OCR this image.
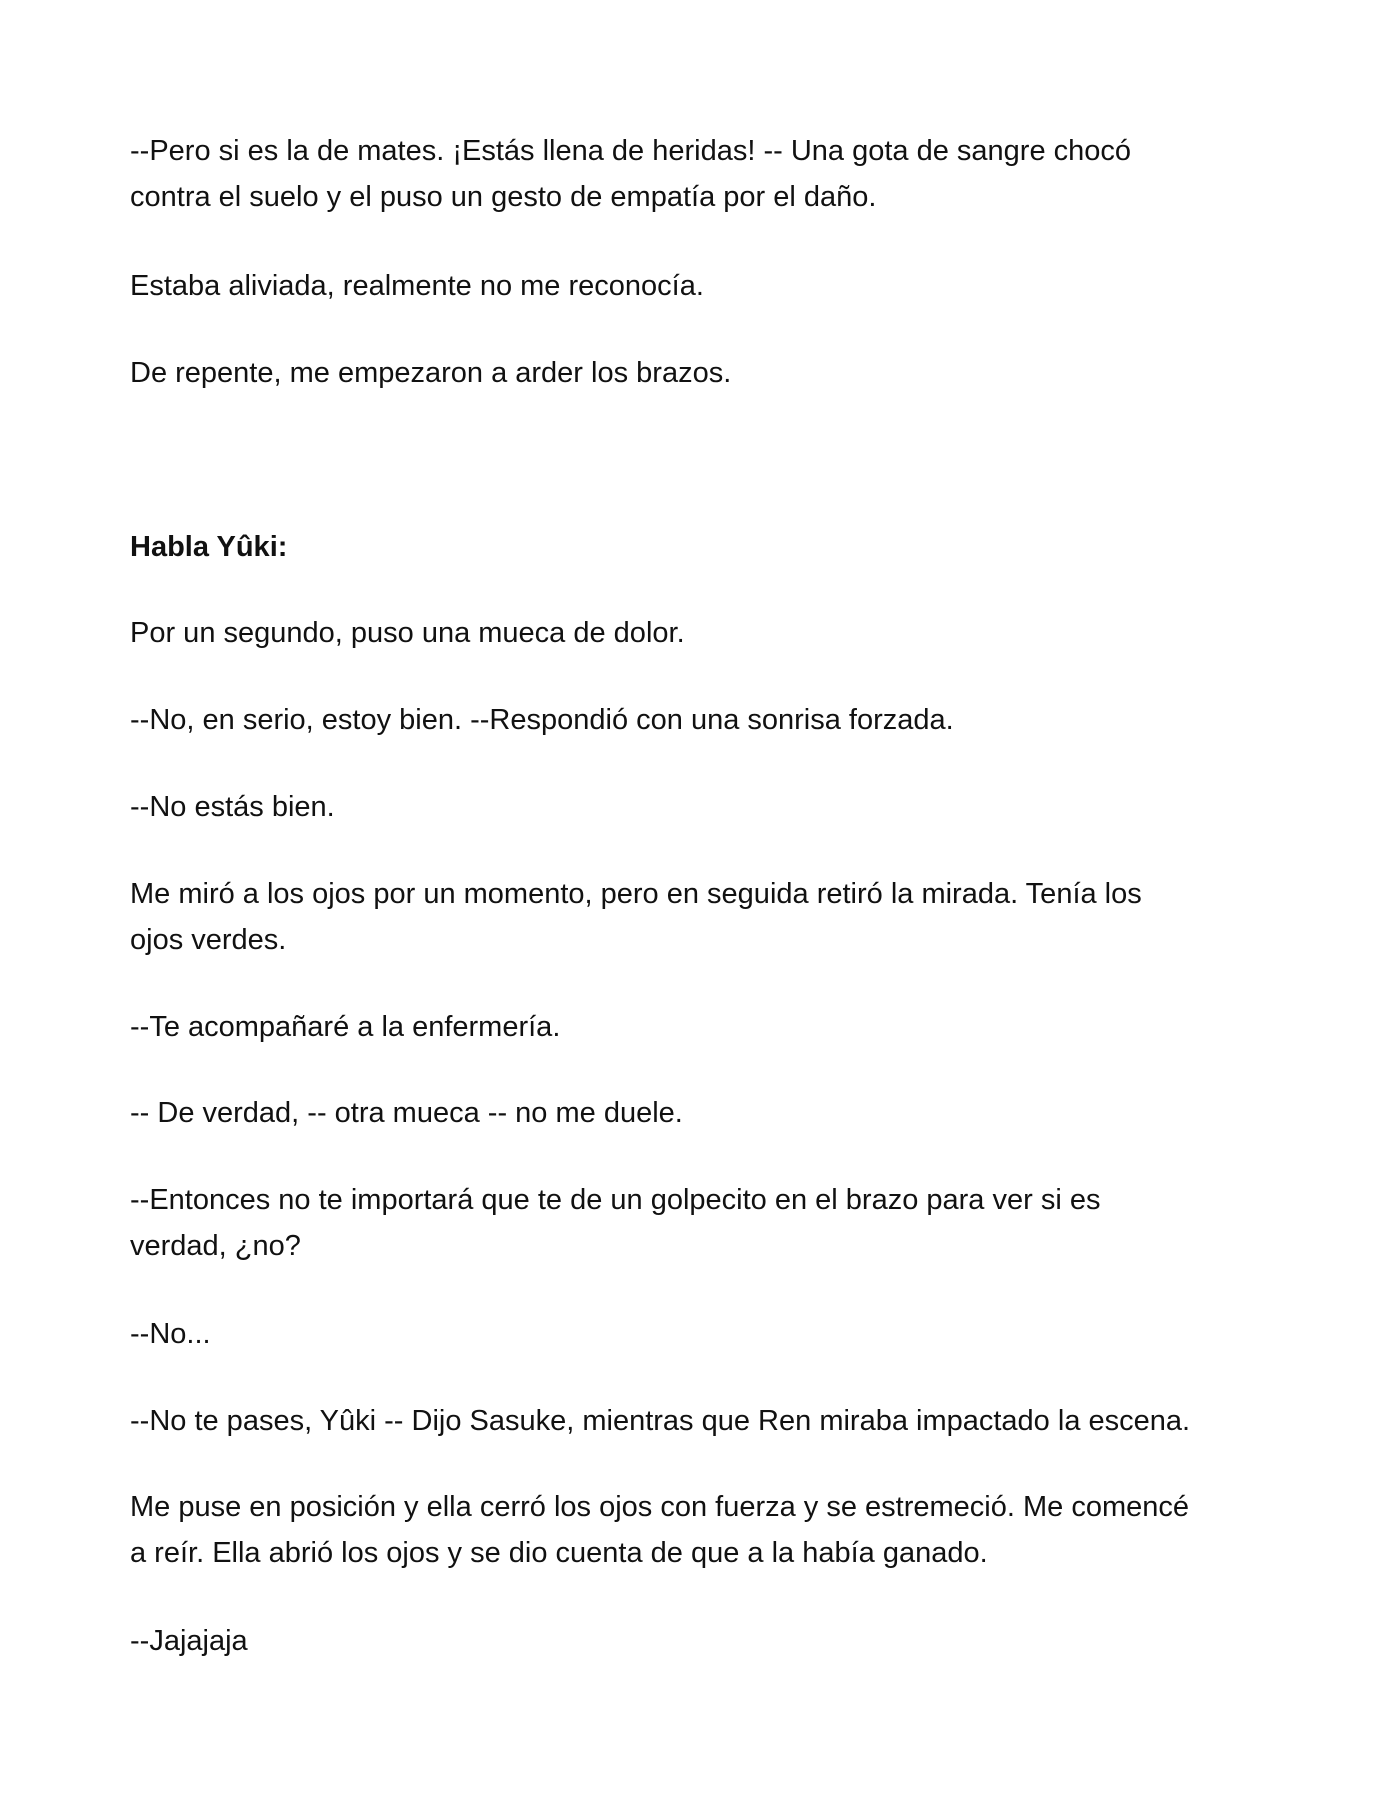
--Pero si es la de mates. ¡Estás llena de heridas! -- Una gota de sangre chocó
contra el suelo y el puso un gesto de empatía por el daño.

Estaba aliviada, realmente no me reconocía.

De repente, me empezaron a arder los brazos.

Habla Yûki:

Por un segundo, puso una mueca de dolor.

--No, en serio, estoy bien. --Respondió con una sonrisa forzada.

--No estás bien.

Me miró a los ojos por un momento, pero en seguida retiró la mirada. Tenía los
ojos verdes.

--Te acompañaré a la enfermería.

-- De verdad, -- otra mueca -- no me duele.

--Entonces no te importará que te de un golpecito en el brazo para ver si es
verdad, ¿no?

--No...

--No te pases, Yûki -- Dijo Sasuke, mientras que Ren miraba impactado la escena.

Me puse en posición y ella cerró los ojos con fuerza y se estremeció. Me comencé
a reír. Ella abrió los ojos y se dio cuenta de que a la había ganado.

--Jajajaja
